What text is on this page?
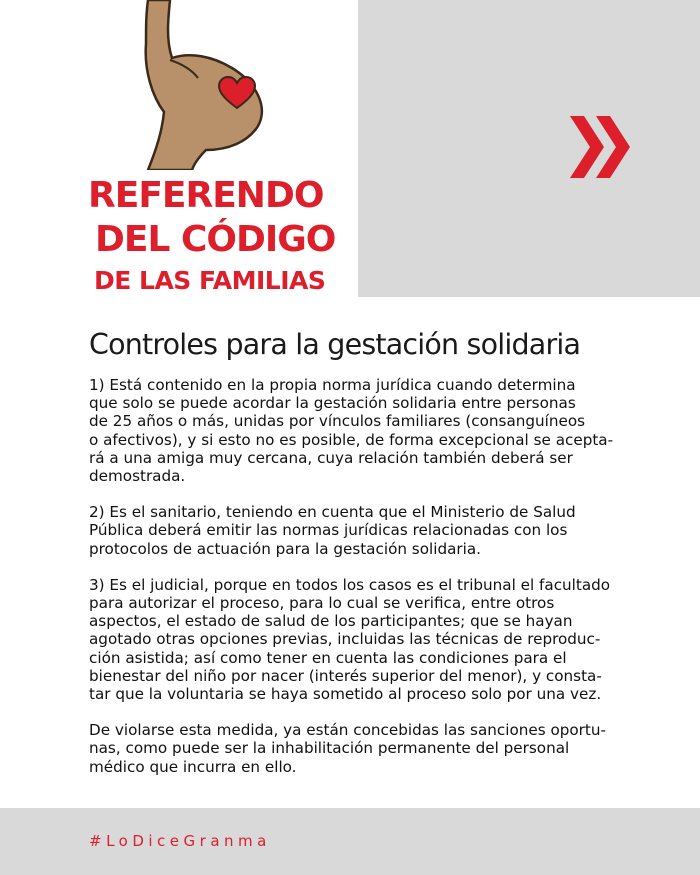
REFERENDO
DEL CÓDIGO
DE LAS FAMILIAS
Controles para la gestación solidaria

1) Está contenido en la propia norma jurídica cuando determina
que solo se puede acordar la gestación solidaria entre personas
de 25 años o más, unidas por vínculos familiares (consanguíneos
o afectivos), y si esto no es posible, de forma excepcional se acepta-
rá a una amiga muy cercana, cuya relación también deberá ser
demostrada.

2) Es el sanitario, teniendo en cuenta que el Ministerio de Salud
Pública deberá emitir las normas jurídicas relacionadas con los
protocolos de actuación para la gestación solidaria.

3) Es el judicial, porque en todos los casos es el tribunal el facultado
para autorizar el proceso, para lo cual se verifica, entre otros
aspectos, el estado de salud de los participantes; que se hayan
agotado otras opciones previas, incluidas las técnicas de reproduc-
ción asistida; así como tener en cuenta las condiciones para el
bienestar del niño por nacer (interés superior del menor), y consta-
tar que la voluntaria se haya sometido al proceso solo por una vez.

De violarse esta medida, ya están concebidas las sanciones oportu-
nas, como puede ser la inhabilitación permanente del personal
médico que incurra en ello.

#LoDiceGranma
